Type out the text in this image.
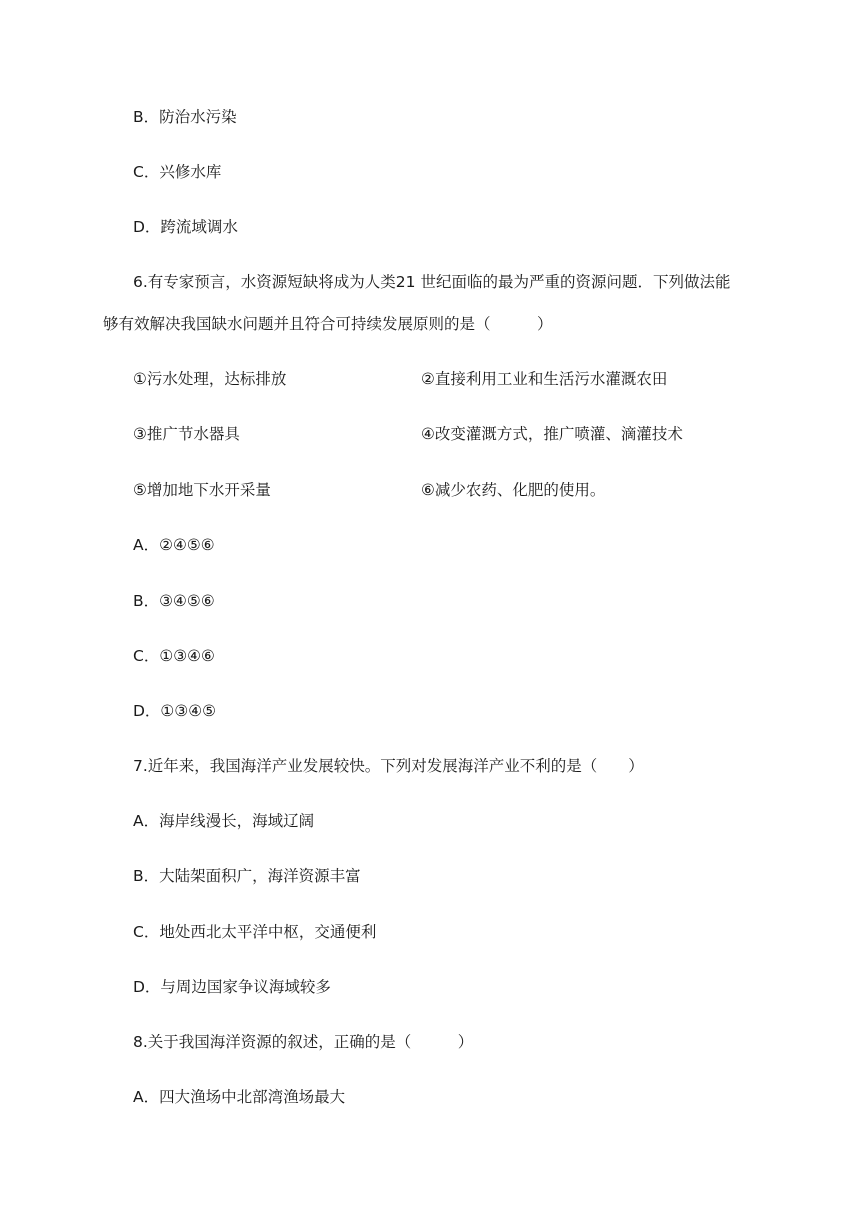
B．防治水污染
C．兴修水库
D．跨流域调水
6.有专家预言，水资源短缺将成为人类21 世纪面临的最为严重的资源问题．下列做法能
够有效解决我国缺水问题并且符合可持续发展原则的是（　　　）
①污水处理，达标排放	②直接利用工业和生活污水灌溉农田
③推广节水器具	④改变灌溉方式，推广喷灌、滴灌技术
⑤增加地下水开采量	⑥减少农药、化肥的使用。
A．②④⑤⑥
B．③④⑤⑥
C．①③④⑥
D．①③④⑤
7.近年来，我国海洋产业发展较快。下列对发展海洋产业不利的是（　　）
A．海岸线漫长，海域辽阔
B．大陆架面积广，海洋资源丰富
C．地处西北太平洋中枢，交通便利
D．与周边国家争议海域较多
8.关于我国海洋资源的叙述，正确的是（　　　）
A．四大渔场中北部湾渔场最大
